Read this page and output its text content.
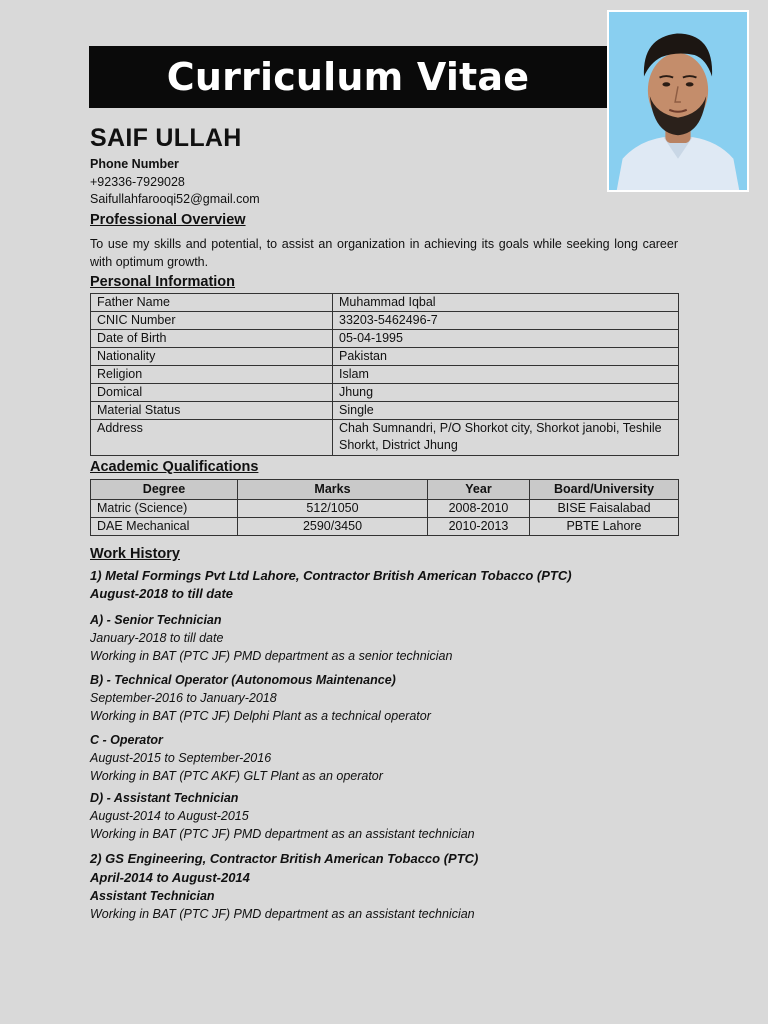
Curriculum Vitae
SAIF ULLAH
Phone Number
+92336-7929028
Saifullahfarooqi52@gmail.com
Professional Overview
To use my skills and potential, to assist an organization in achieving its goals while seeking long career with optimum growth.
Personal Information
Father Name	Muhammad Iqbal
CNIC Number	33203-5462496-7
Date of Birth	05-04-1995
Nationality	Pakistan
Religion	Islam
Domical	Jhung
Material Status	Single
Address	Chah Sumnandri, P/O Shorkot city, Shorkot janobi, Teshile Shorkt, District Jhung
Academic Qualifications
Degree	Marks	Year	Board/University
Matric (Science)	512/1050	2008-2010	BISE Faisalabad
DAE Mechanical	2590/3450	2010-2013	PBTE Lahore
Work History
1) Metal Formings Pvt Ltd Lahore, Contractor British American Tobacco (PTC)
August-2018 to till date
A) - Senior Technician
January-2018 to till date
Working in BAT (PTC JF) PMD department as a senior technician
B) - Technical Operator (Autonomous Maintenance)
September-2016 to January-2018
Working in BAT (PTC JF) Delphi Plant as a technical operator
C - Operator
August-2015 to September-2016
Working in BAT (PTC AKF) GLT Plant as an operator
D) - Assistant Technician
August-2014 to August-2015
Working in BAT (PTC JF) PMD department as an assistant technician
2) GS Engineering, Contractor British American Tobacco (PTC)
April-2014 to August-2014
Assistant Technician
Working in BAT (PTC JF) PMD department as an assistant technician
